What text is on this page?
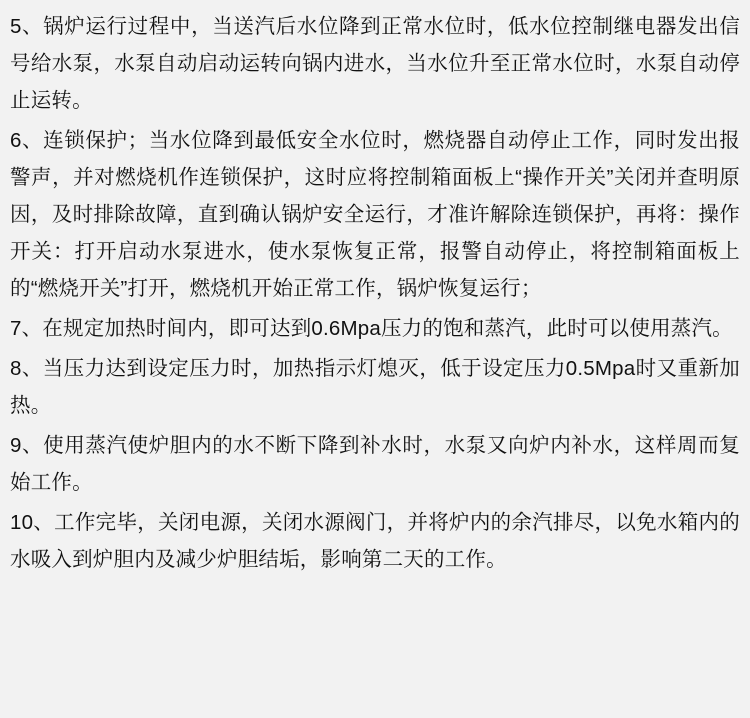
5、锅炉运行过程中，当送汽后水位降到正常水位时，低水位控制继电器发出信号给水泵，水泵自动启动运转向锅内进水，当水位升至正常水位时，水泵自动停止运转。

6、连锁保护；当水位降到最低安全水位时，燃烧器自动停止工作，同时发出报警声，并对燃烧机作连锁保护，这时应将控制箱面板上“操作开关”关闭并查明原因，及时排除故障，直到确认锅炉安全运行，才准许解除连锁保护，再将：操作开关：打开启动水泵进水，使水泵恢复正常，报警自动停止，将控制箱面板上的“燃烧开关”打开，燃烧机开始正常工作，锅炉恢复运行；

7、在规定加热时间内，即可达到0.6Mpa压力的饱和蒸汽，此时可以使用蒸汽。

8、当压力达到设定压力时，加热指示灯熄灭，低于设定压力0.5Mpa时又重新加热。

9、使用蒸汽使炉胆内的水不断下降到补水时，水泵又向炉内补水，这样周而复始工作。

10、工作完毕，关闭电源，关闭水源阀门，并将炉内的余汽排尽，以免水箱内的水吸入到炉胆内及减少炉胆结垢，影响第二天的工作。
